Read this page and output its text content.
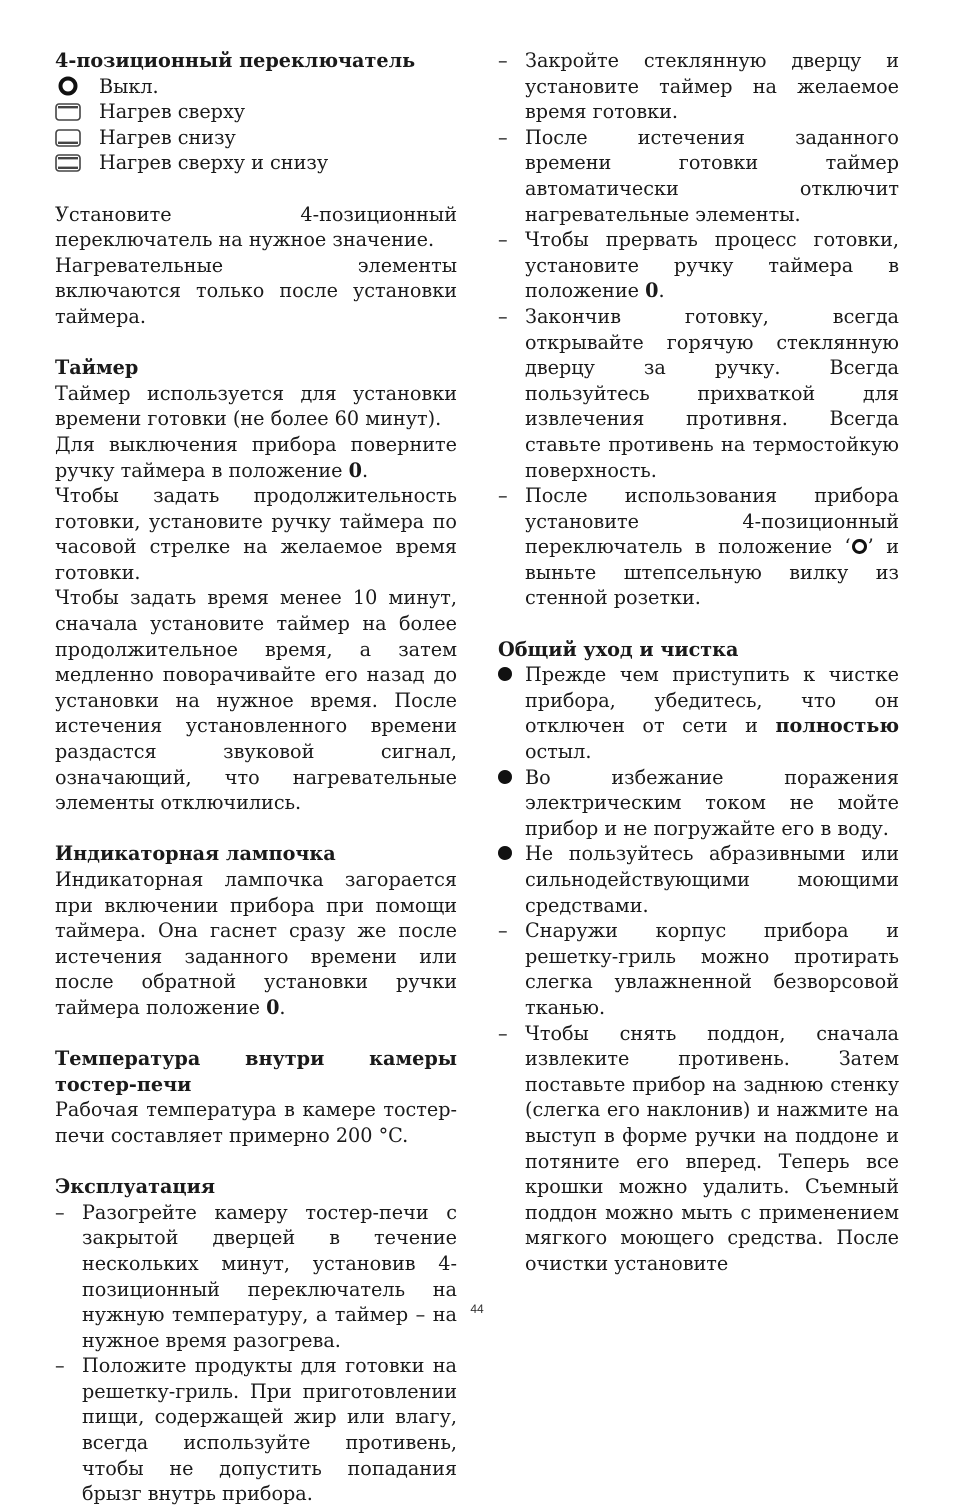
4-позиционный переключатель

Выкл.
Нагрев сверху
Нагрев снизу
Нагрев сверху и снизу

Установите 4-позиционный переключатель на нужное значение.

Нагревательные элементы включаются только после установки таймера.

Таймер

Таймер используется для установки времени готовки (не более 60 минут).

Для выключения прибора поверните ручку таймера в положение 0.

Чтобы задать продолжительность готовки, установите ручку таймера по часовой стрелке на желаемое время готовки.

Чтобы задать время менее 10 минут, сначала установите таймер на более продолжительное время, а затем медленно поворачивайте его назад до установки на нужное время. После истечения установленного времени раздастся звуковой сигнал, означающий, что нагревательные элементы отключились.

Индикаторная лампочка

Индикаторная лампочка загорается при включении прибора при помощи таймера. Она гаснет сразу же после истечения заданного времени или после обратной установки ручки таймера положение 0.

Температура внутри камеры тостер-печи

Рабочая температура в камере тостер-печи составляет примерно 200 °C.

Эксплуатация

–
Разогрейте камеру тостер-печи с закрытой дверцей в течение нескольких минут, установив 4-позиционный переключатель на нужную температуру, а таймер – на нужное время разогрева.
–
Положите продукты для готовки на решетку-гриль. При приготовлении пищи, содержащей жир или влагу, всегда используйте противень, чтобы не допустить попадания брызг внутрь прибора.
–
Закройте стеклянную дверцу и установите таймер на желаемое время готовки.
–
После истечения заданного времени готовки таймер автоматически отключит нагревательные элементы.
–
Чтобы прервать процесс готовки, установите ручку таймера в положение 0.
–
Закончив готовку, всегда открывайте горячую стеклянную дверцу за ручку. Всегда пользуйтесь прихваткой для извлечения противня. Всегда ставьте противень на термостойкую поверхность.
–
После использования прибора установите 4-позиционный переключатель в положение ‘ ’ и выньте штепсельную вилку из стенной розетки.

Общий уход и чистка

Прежде чем приступить к чистке прибора, убедитесь, что он отключен от сети и полностью остыл.
Во избежание поражения электрическим током не мойте прибор и не погружайте его в воду.
Не пользуйтесь абразивными или сильнодействующими моющими средствами.
–
Снаружи корпус прибора и решетку-гриль можно протирать слегка увлажненной безворсовой тканью.
–
Чтобы снять поддон, сначала извлеките противень. Затем поставьте прибор на заднюю стенку (слегка его наклонив) и нажмите на выступ в форме ручки на поддоне и потяните его вперед. Теперь все крошки можно удалить. Съемный поддон можно мыть с применением мягкого моющего средства. После очистки установите
44
